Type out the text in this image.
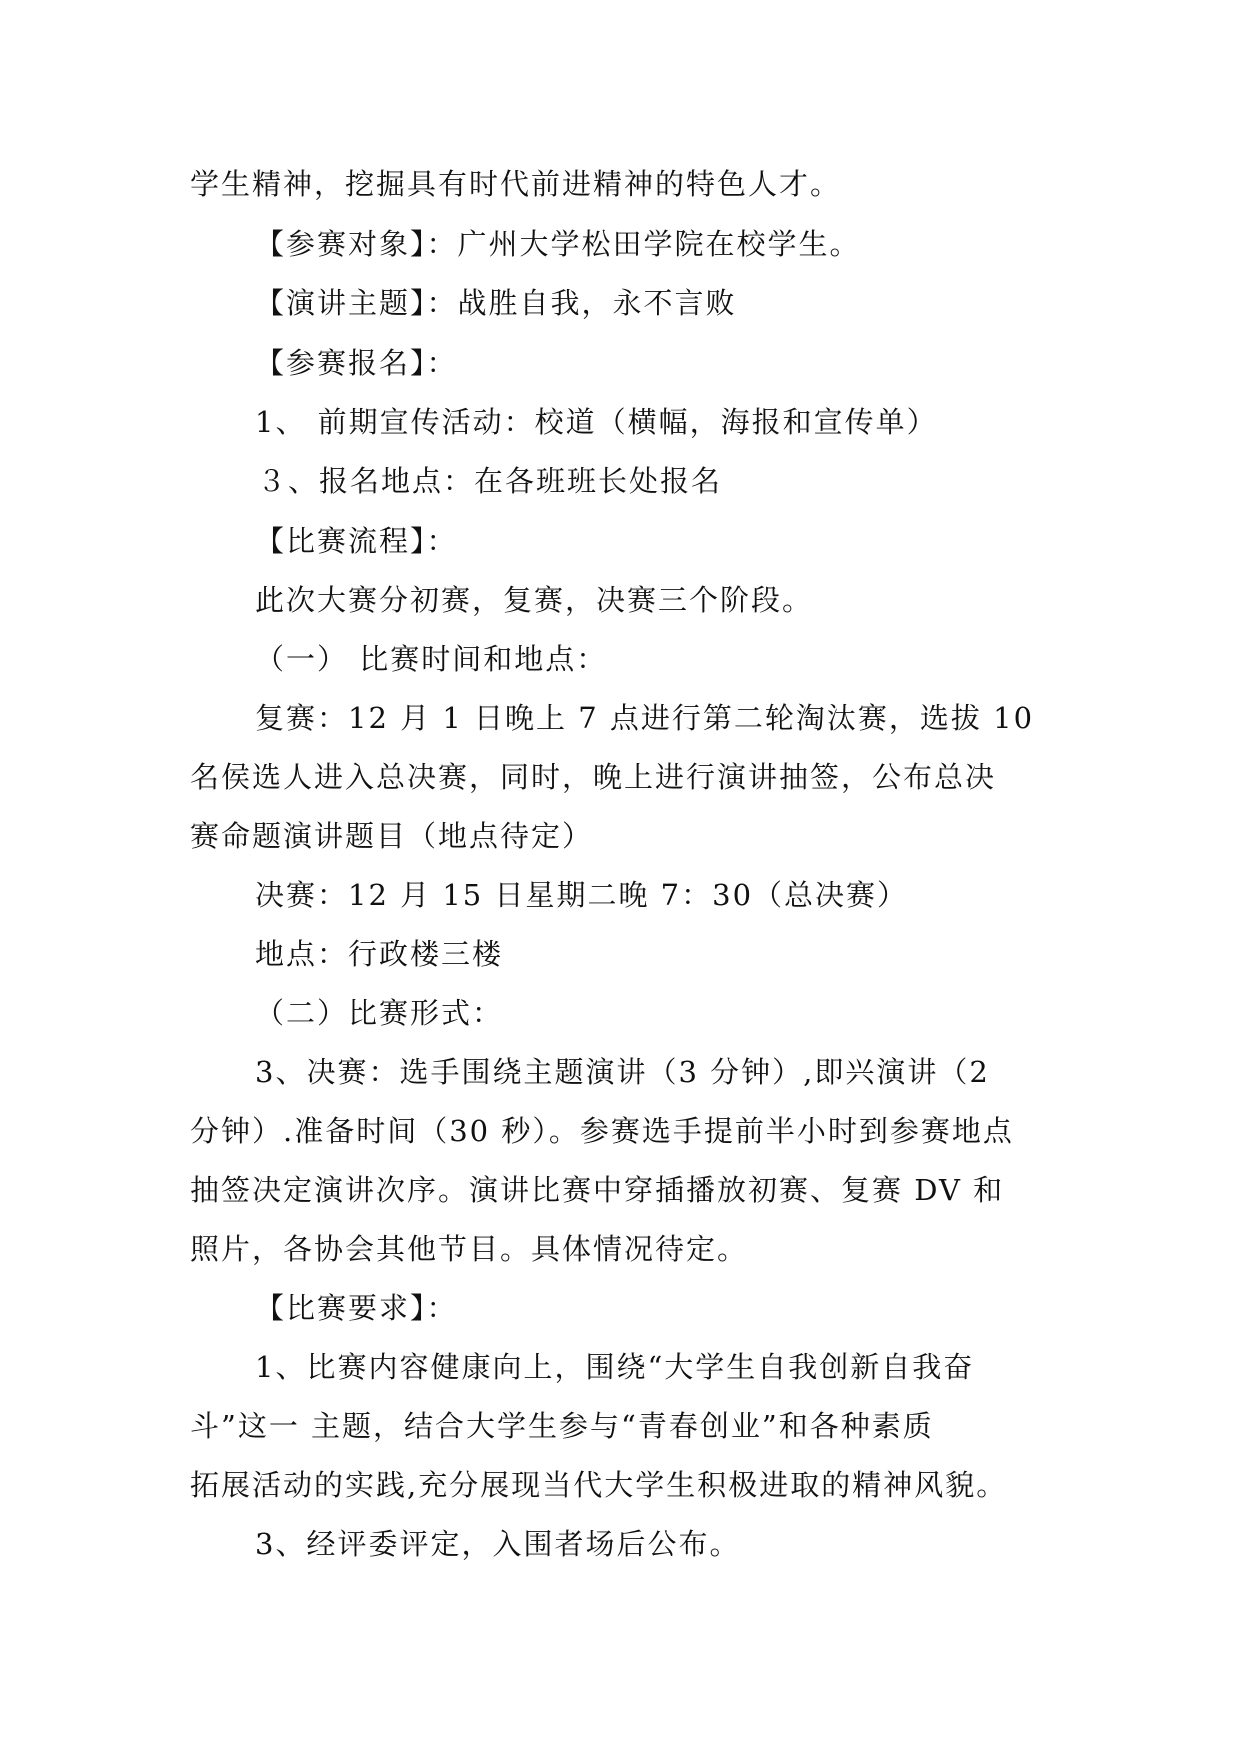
学生精神，挖掘具有时代前进精神的特色人才。
【参赛对象】：广州大学松田学院在校学生。
【演讲主题】：战胜自我，永不言败
【参赛报名】：
1、 前期宣传活动：校道（横幅，海报和宣传单）
３、报名地点：在各班班长处报名
【比赛流程】：
此次大赛分初赛，复赛，决赛三个阶段。
（一） 比赛时间和地点：
复赛：12 月 1 日晚上 7 点进行第二轮淘汰赛，选拔 10
名侯选人进入总决赛，同时，晚上进行演讲抽签，公布总决
赛命题演讲题目（地点待定）
决赛：12 月 15 日星期二晚 7：30（总决赛）
地点：行政楼三楼
（二）比赛形式：
3、决赛：选手围绕主题演讲（3 分钟）,即兴演讲（2
分钟）.准备时间（30 秒）。参赛选手提前半小时到参赛地点
抽签决定演讲次序。演讲比赛中穿插播放初赛、复赛 DV 和
照片，各协会其他节目。具体情况待定。
【比赛要求】：
1、比赛内容健康向上，围绕“大学生自我创新自我奋
斗”这一 主题，结合大学生参与“青春创业”和各种素质
拓展活动的实践,充分展现当代大学生积极进取的精神风貌。
3、经评委评定，入围者场后公布。
